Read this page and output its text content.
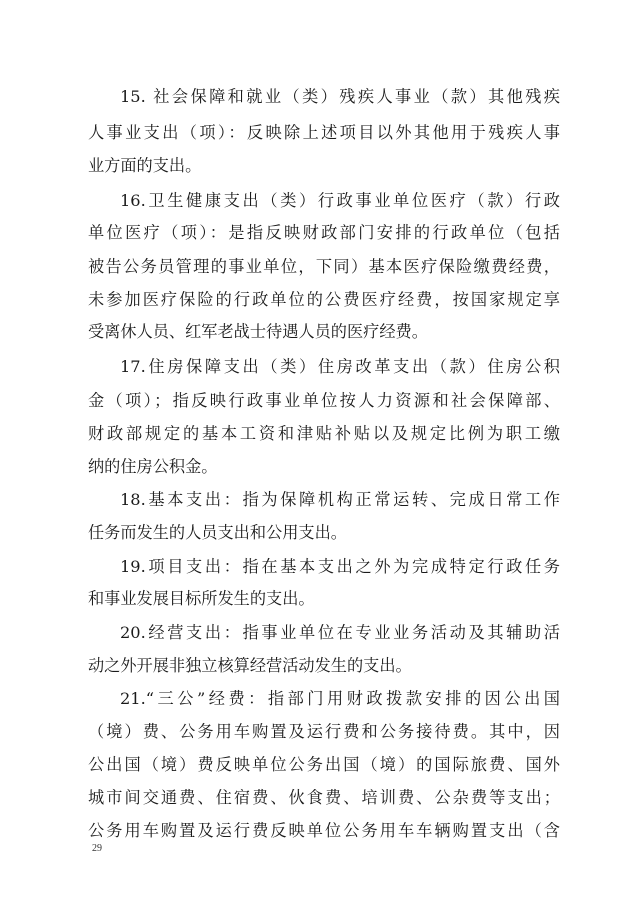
15. 社会保障和就业（类）残疾人事业（款）其他残疾

人事业支出（项）：反映除上述项目以外其他用于残疾人事

业方面的支出。

16.卫生健康支出（类）行政事业单位医疗（款）行政

单位医疗（项）：是指反映财政部门安排的行政单位（包括

被告公务员管理的事业单位，下同）基本医疗保险缴费经费，

未参加医疗保险的行政单位的公费医疗经费，按国家规定享

受离休人员、红军老战士待遇人员的医疗经费。

17.住房保障支出（类）住房改革支出（款）住房公积

金（项）；指反映行政事业单位按人力资源和社会保障部、

财政部规定的基本工资和津贴补贴以及规定比例为职工缴

纳的住房公积金。

18.基本支出：指为保障机构正常运转、完成日常工作

任务而发生的人员支出和公用支出。

19.项目支出：指在基本支出之外为完成特定行政任务

和事业发展目标所发生的支出。

20.经营支出：指事业单位在专业业务活动及其辅助活

动之外开展非独立核算经营活动发生的支出。

21.“三公”经费：指部门用财政拨款安排的因公出国

（境）费、公务用车购置及运行费和公务接待费。其中，因

公出国（境）费反映单位公务出国（境）的国际旅费、国外

城市间交通费、住宿费、伙食费、培训费、公杂费等支出；

公务用车购置及运行费反映单位公务用车车辆购置支出（含

29
